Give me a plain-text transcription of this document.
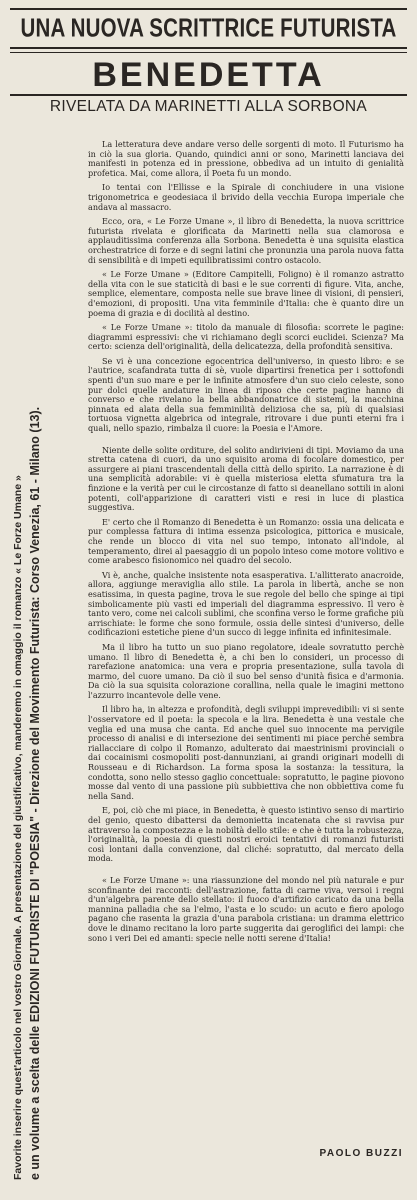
UNA NUOVA SCRITTRICE FUTURISTA
BENEDETTA
RIVELATA DA MARINETTI ALLA SORBONA
Favorite inserire quest'articolo nel vostro Giornale. A presentazione del giustificativo, manderemo in omaggio il romanzo « Le Forze Umane » e un volume a scelta delle EDIZIONI FUTURISTE DI "POESIA" - Direzione del Movimento Futurista: Corso Venezia, 61 - Milano (13).

La letteratura deve andare verso delle sorgenti di moto. Il Futurismo ha in ciò la sua gloria. Quando, quindici anni or sono, Marinetti lanciava dei manifesti in potenza ed in pressione, obbediva ad un intuito di genialità profetica. Mai, come allora, il Poeta fu un mondo.

Io tentai con l'Ellisse e la Spirale di conchiudere in una visione trigonometrica e geodesiaca il brivido della vecchia Europa imperiale che andava al massacro.

Ecco, ora, « Le Forze Umane », il libro di Benedetta, la nuova scrittrice futurista rivelata e glorificata da Marinetti nella sua clamorosa e applauditissima conferenza alla Sorbona. Benedetta è una squisita elastica orchestratrice di forze e di segni latini che pronunzia una parola nuova fatta di sensibilità e di impeti equilibratissimi contro ostacolo.

« Le Forze Umane » (Editore Campitelli, Foligno) è il romanzo astratto della vita con le sue staticità di basi e le sue correnti di figure. Vita, anche, semplice, elementare, composta nelle sue brave linee di visioni, di pensieri, d'emozioni, di propositi. Una vita femminile d'Italia: che è quanto dire un poema di grazia e di docilità al destino.

« Le Forze Umane »: titolo da manuale di filosofia: scorrete le pagine: diagrammi espressivi: che vi richiamano degli scorci euclidei. Scienza? Ma certo: scienza dell'originalità, della delicatezza, della profondità sensitiva.

Se vi è una concezione egocentrica dell'universo, in questo libro: e se l'autrice, scafandrata tutta di sè, vuole dipartirsi frenetica per i sottofondi spenti d'un suo mare e per le infinite atmosfere d'un suo cielo celeste, sono pur dolci quelle andature in linea di riposo che certe pagine hanno di converso e che rivelano la bella abbandonatrice di sistemi, la macchina pinnata ed alata della sua femminilità deliziosa che sa, più di qualsiasi tortuosa vignetta algebrica od integrale, ritrovare i due punti eterni fra i quali, nello spazio, rimbalza il cuore: la Poesia e l'Amore.

Niente delle solite orditure, del solito andirivieni di tipi. Moviamo da una stretta catena di cuori, da uno squisito aroma di focolare domestico, per assurgere ai piani trascendentali della città dello spirito. La narrazione è di una semplicità adorabile: vi è quella misteriosa eletta sfumatura tra la finzione e la verità per cui le circostanze di fatto si deanellano sottili in aloni potenti, coll'apparizione di caratteri visti e resi in luce di plastica suggestiva.

E' certo che il Romanzo di Benedetta è un Romanzo: ossia una delicata e pur complessa fattura di intima essenza psicologica, pittorica e musicale, che rende un blocco di vita nel suo tempo, intonato all'indole, al temperamento, direi al paesaggio di un popolo inteso come motore volitivo e come arabesco fisionomico nel quadro del secolo.

Vi è, anche, qualche insistente nota esasperativa. L'allitterato anacroide, allora, aggiunge meraviglia allo stile. La parola in libertà, anche se non esatissima, in questa pagine, trova le sue regole del bello che spinge ai tipi simbolicamente più vasti ed imperiali del diagramma espressivo. Il vero è tanto vero, come nei calcoli sublimi, che sconfina verso le forme grafiche più arrischiate: le forme che sono formule, ossia delle sintesi d'universo, delle codificazioni estetiche piene d'un succo di legge infinita ed infinitesimale.

Ma il libro ha tutto un suo piano regolatore, ideale sovratutto perchè umano. Il libro di Benedetta è, a chi ben lo consideri, un processo di rarefazione anatomica: una vera e propria presentazione, sulla tavola di marmo, del cuore umano. Da ciò il suo bel senso d'unità fisica e d'armonia. Da ciò la sua squisita colorazione corallina, nella quale le imagini mettono l'azzurro incantevole delle vene.

Il libro ha, in altezza e profondità, degli sviluppi imprevedibili: vi si sente l'osservatore ed il poeta: la specola e la lira. Benedetta è una vestale che veglia ed una musa che canta. Ed anche quel suo innocente ma pervigile processo di analisi e di intersezione dei sentimenti mi piace perchè sembra riallacciare di colpo il Romanzo, adulterato dai maestrinismi provinciali o dai cocainismi cosmopoliti post-dannunziani, ai grandi originari modelli di Rousseau e di Richardson. La forma sposa la sostanza: la tessitura, la condotta, sono nello stesso gaglio concettuale: sopratutto, le pagine piovono mosse dal vento di una passione più subbiettiva che non obbiettiva come fu nella Sand.

E, poi, ciò che mi piace, in Benedetta, è questo istintivo senso di martirio del genio, questo dibattersi da demonietta incatenata che si ravvisa pur attraverso la compostezza e la nobiltà dello stile: e che è tutta la robustezza, l'originalità, la poesia di questi nostri eroici tentativi di romanzi futuristi così lontani dalla convenzione, dal cliché: sopratutto, dal mercato della moda.

« Le Forze Umane »: una riassunzione del mondo nel più naturale e pur sconfinante dei racconti: dell'astrazione, fatta di carne viva, versoi i regni d'un'algebra parente dello stellato: il fuoco d'artifizio caricato da una bella mannina palladia che sa l'elmo, l'asta e lo scudo: un acuto e fiero apologo pagano che rasenta la grazia d'una parabola cristiana: un dramma elettrico dove le dinamo recitano la loro parte suggerita dai geroglifici dei lampi: che sono i veri Dei ed amanti: specie nelle notti serene d'Italia!

PAOLO BUZZI
